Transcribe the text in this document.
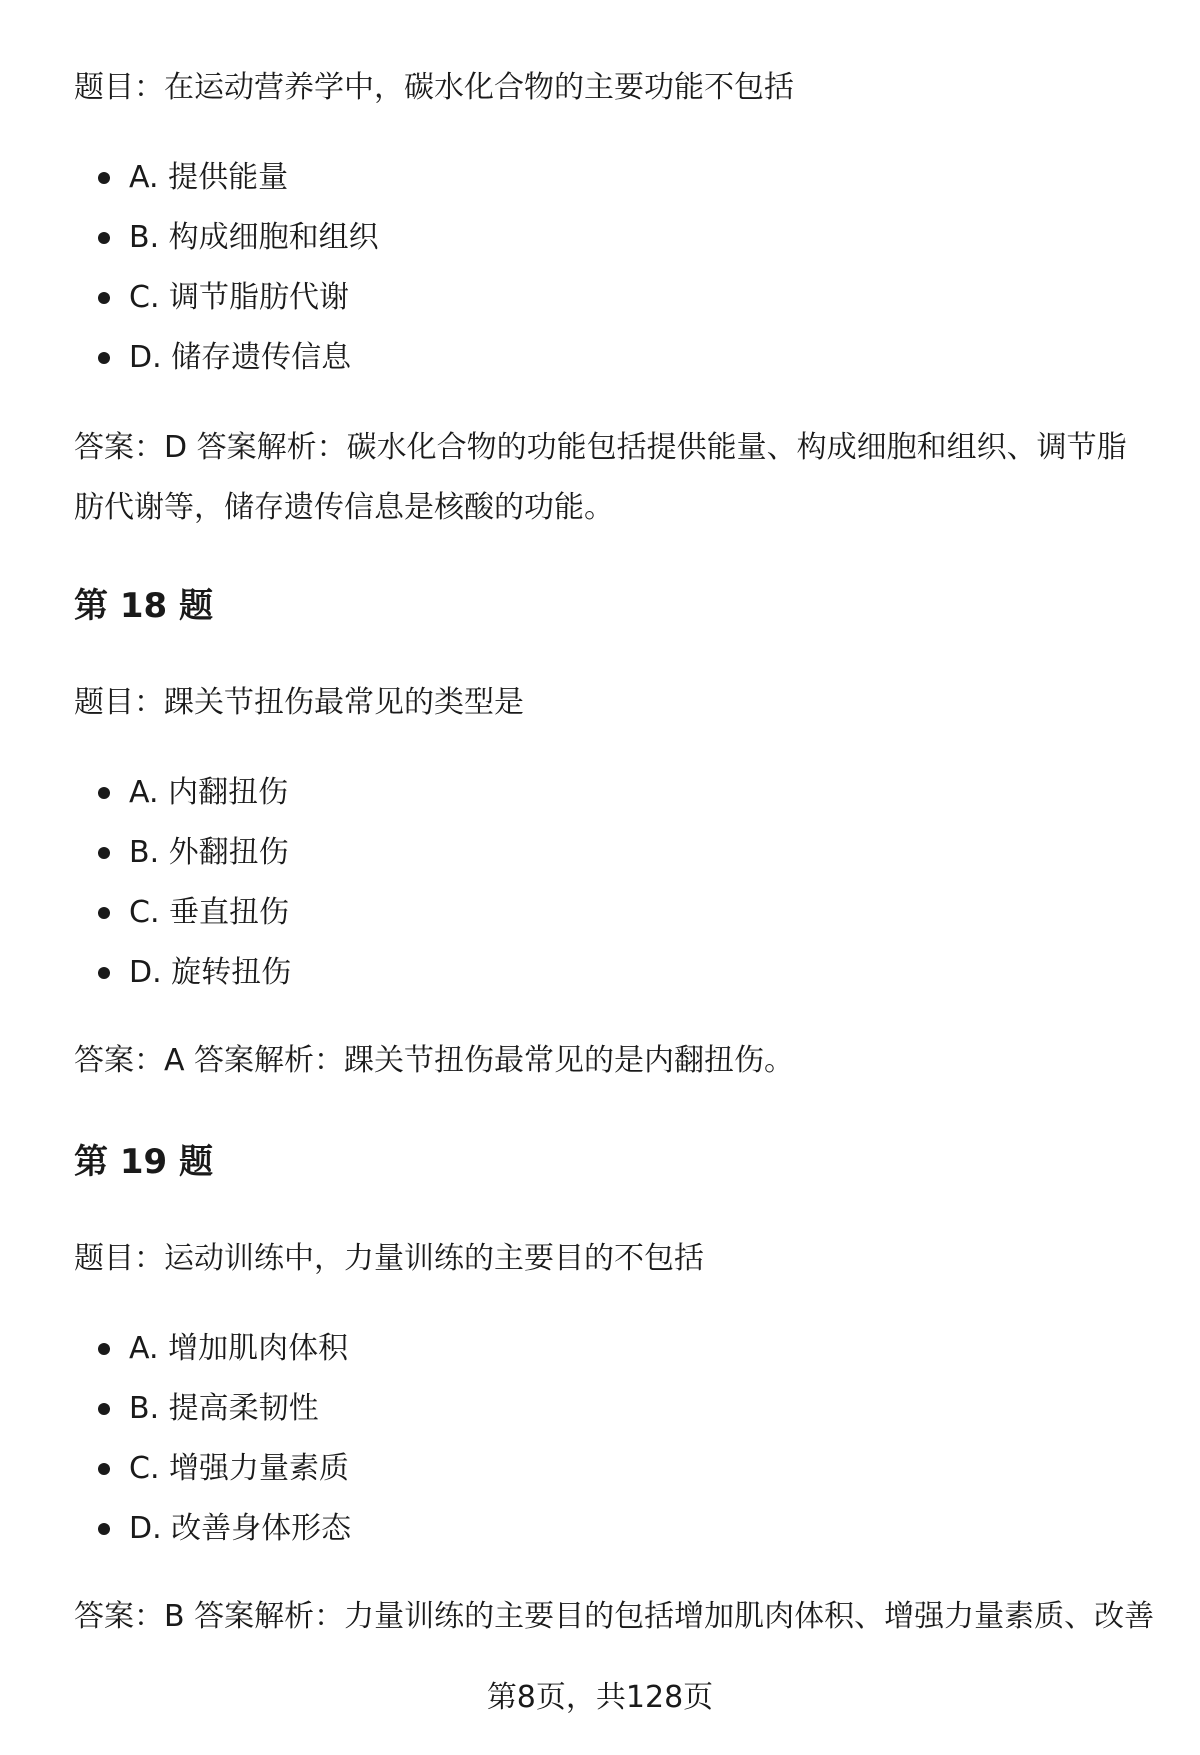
题目：在运动营养学中，碳水化合物的主要功能不包括

A. 提供能量
B. 构成细胞和组织
C. 调节脂肪代谢
D. 储存遗传信息

答案：D 答案解析：碳水化合物的功能包括提供能量、构成细胞和组织、调节脂肪代谢等，储存遗传信息是核酸的功能。

第 18 题

题目：踝关节扭伤最常见的类型是

A. 内翻扭伤
B. 外翻扭伤
C. 垂直扭伤
D. 旋转扭伤

答案：A 答案解析：踝关节扭伤最常见的是内翻扭伤。

第 19 题

题目：运动训练中，力量训练的主要目的不包括

A. 增加肌肉体积
B. 提高柔韧性
C. 增强力量素质
D. 改善身体形态

答案：B 答案解析：力量训练的主要目的包括增加肌肉体积、增强力量素质、改善

第8页，共128页
